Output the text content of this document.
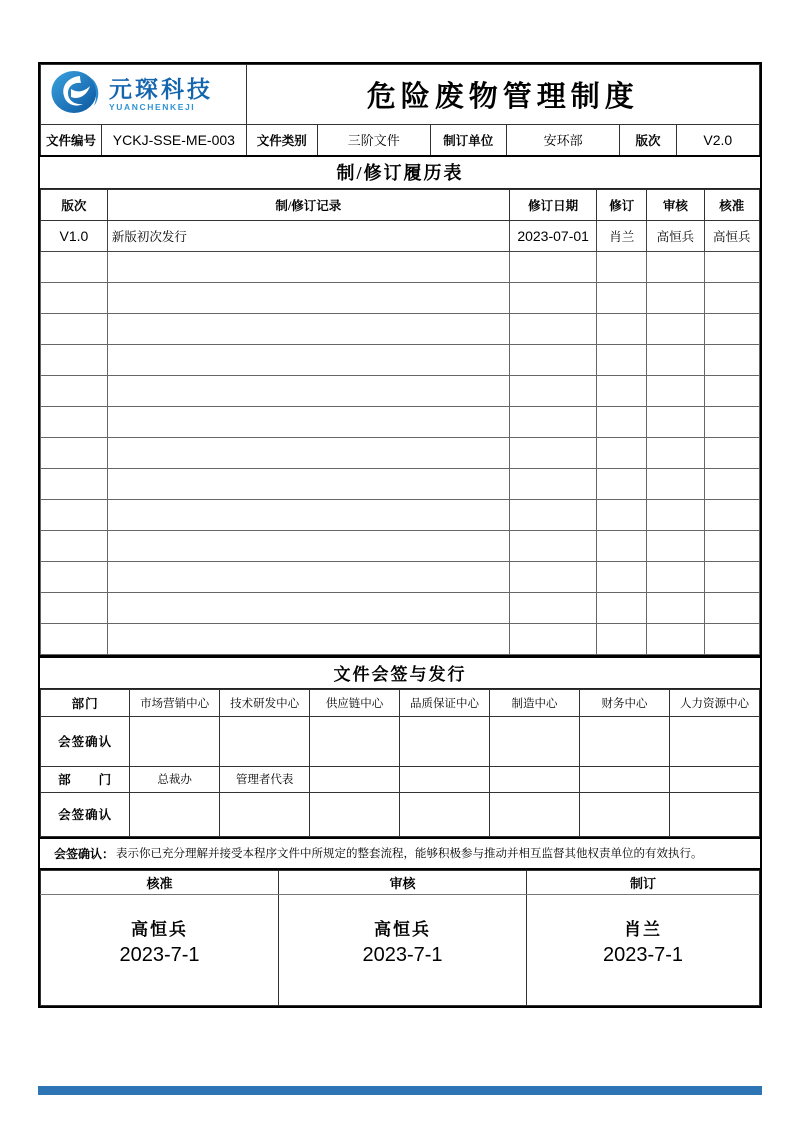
元琛科技
YUANCHENKEJI		危险废物管理制度					
文件编号	YCKJ-SSE-ME-003	文件类别	三阶文件	制订单位	安环部	版次	V2.0
制/修订履历表
版次	制/修订记录	修订日期	修订	审核	核准
V1.0	新版初次发行	2023-07-01	肖兰	高恒兵	高恒兵

文件会签与发行
部门	市场营销中心	技术研发中心	供应链中心	品质保证中心	制造中心	财务中心	人力资源中心
会签确认							
部　　门	总裁办	管理者代表					
会签确认							
会签确认： 表示你已充分理解并接受本程序文件中所规定的整套流程，能够积极参与推动并相互监督其他权责单位的有效执行。
核准	审核	制订

高恒兵
2023-7-1

高恒兵
2023-7-1

肖兰
2023-7-1
